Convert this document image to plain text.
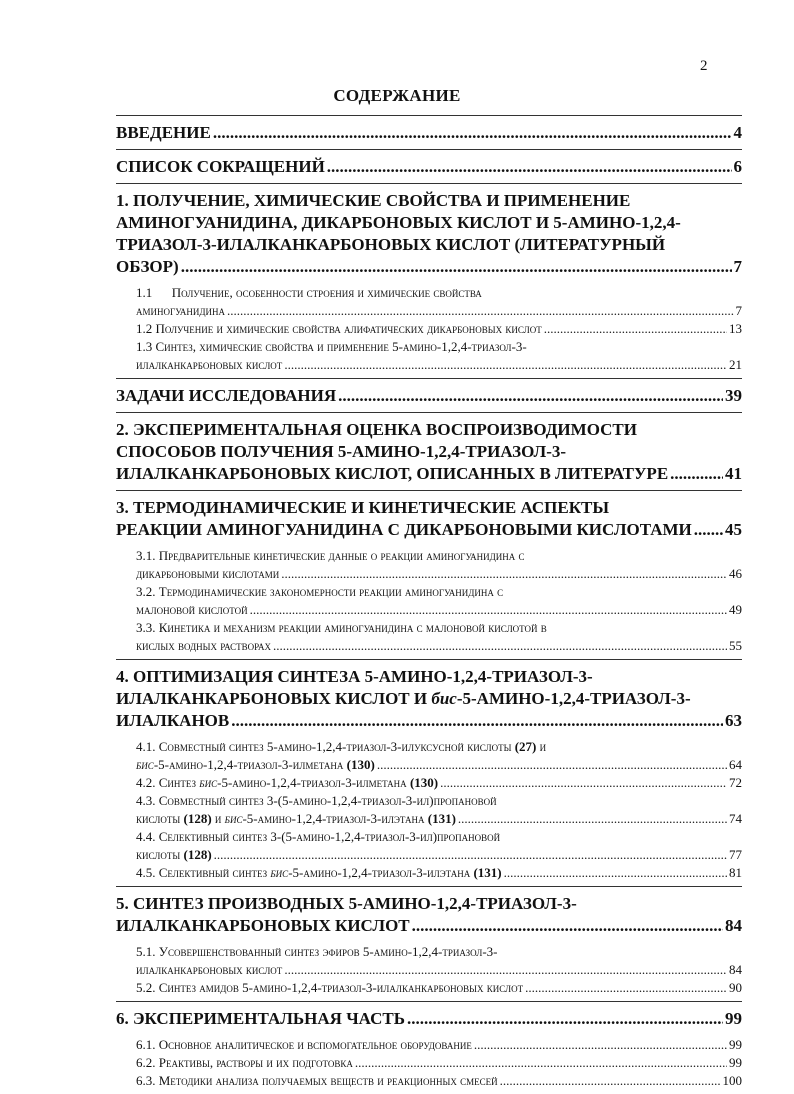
2
СОДЕРЖАНИЕ
ВВЕДЕНИЕ .....	4
СПИСОК СОКРАЩЕНИЙ .....	6
1. ПОЛУЧЕНИЕ, ХИМИЧЕСКИЕ СВОЙСТВА И ПРИМЕНЕНИЕ
АМИНОГУАНИДИНА, ДИКАРБОНОВЫХ КИСЛОТ И 5-АМИНО-1,2,4-
ТРИАЗОЛ-3-ИЛАЛКАНКАРБОНОВЫХ КИСЛОТ (ЛИТЕРАТУРНЫЙ
ОБЗОР) .....	7
1.1 Получение, особенности строения и химические свойства
аминогуанидина .....	7
1.2 Получение и химические свойства алифатических дикарбоновых кислот .....	13
1.3 Синтез, химические свойства и применение 5-амино-1,2,4-триазол-3-
илалканкарбоновых кислот .....	21
ЗАДАЧИ ИССЛЕДОВАНИЯ .....	39
2. ЭКСПЕРИМЕНТАЛЬНАЯ ОЦЕНКА ВОСПРОИЗВОДИМОСТИ
СПОСОБОВ ПОЛУЧЕНИЯ 5-АМИНО-1,2,4-ТРИАЗОЛ-3-
ИЛАЛКАНКАРБОНОВЫХ КИСЛОТ, ОПИСАННЫХ В ЛИТЕРАТУРЕ .....	41
3. ТЕРМОДИНАМИЧЕСКИЕ И КИНЕТИЧЕСКИЕ АСПЕКТЫ
РЕАКЦИИ АМИНОГУАНИДИНА С ДИКАРБОНОВЫМИ КИСЛОТАМИ ..... 45
3.1. Предварительные кинетические данные о реакции аминогуанидина с
дикарбоновыми кислотами .....	46
3.2. Термодинамические закономерности реакции аминогуанидина с
малоновой кислотой .....	49
3.3. Кинетика и механизм реакции аминогуанидина с малоновой кислотой в
кислых водных растворах .....	55
4. ОПТИМИЗАЦИЯ СИНТЕЗА 5-АМИНО-1,2,4-ТРИАЗОЛ-3-
ИЛАЛКАНКАРБОНОВЫХ КИСЛОТ И бис-5-АМИНО-1,2,4-ТРИАЗОЛ-3-
ИЛАЛКАНОВ .....	63
4.1. Совместный синтез 5-амино-1,2,4-триазол-3-илуксусной кислоты (27) и
бис-5-амино-1,2,4-триазол-3-илметана (130) .....	64
4.2. Синтез бис-5-амино-1,2,4-триазол-3-илметана (130) .....	72
4.3. Совместный синтез 3-(5-амино-1,2,4-триазол-3-ил)пропановой
кислоты (128) и бис-5-амино-1,2,4-триазол-3-илэтана (131) .....	74
4.4. Селективный синтез 3-(5-амино-1,2,4-триазол-3-ил)пропановой
кислоты (128) .....	77
4.5. Селективный синтез бис-5-амино-1,2,4-триазол-3-илэтана (131) .....	81
5. СИНТЕЗ ПРОИЗВОДНЫХ 5-АМИНО-1,2,4-ТРИАЗОЛ-3-
ИЛАЛКАНКАРБОНОВЫХ КИСЛОТ .....	84
5.1. Усовершенствованный синтез эфиров 5-амино-1,2,4-триазол-3-
илалканкарбоновых кислот .....	84
5.2. Синтез амидов 5-амино-1,2,4-триазол-3-илалканкарбоновых кислот .....	90
6. ЭКСПЕРИМЕНТАЛЬНАЯ ЧАСТЬ .....	99
6.1. Основное аналитическое и вспомогательное оборудование .....	99
6.2. Реактивы, растворы и их подготовка .....	99
6.3. Методики анализа получаемых веществ и реакционных смесей .....	100
